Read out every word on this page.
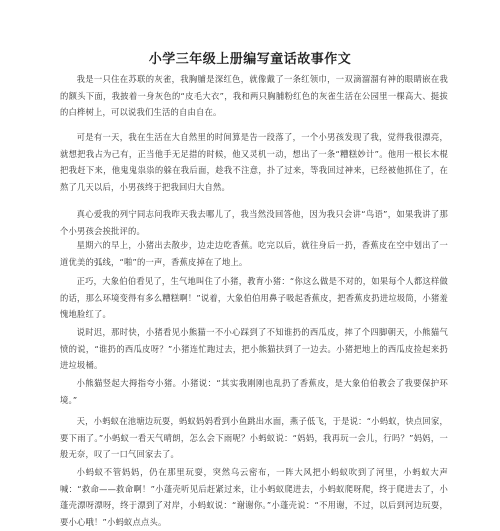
小学三年级上册编写童话故事作文

我是一只住在苏联的灰雀，我胸脯是深红色，就像戴了一条红领巾，一双滴溜溜有神的眼睛嵌在我的额头下面，我披着一身灰色的“皮毛大衣”，我和两只胸脯粉红色的灰雀生活在公园里一棵高大、挺拔的白桦树上，可以说我们生活的自由自在。

可是有一天，我在生活在大自然里的时间算是告一段落了，一个小男孩发现了我，觉得我很漂亮，就想把我占为己有，正当他手无足措的时候，他又灵机一动，想出了一条“糟糕妙计”。他用一根长木棍把我赶下来，他鬼鬼祟祟的躲在我后面，趁我不注意，扑了过来，等我回过神来，已经被他抓住了，在熬了几天以后，小男孩终于把我回归大自然。

真心爱我的列宁同志问我昨天我去哪儿了，我当然没回答他，因为我只会讲“鸟语”，如果我讲了那个小男孩会挨批评的。

星期六的早上，小猪出去散步，边走边吃香蕉。吃完以后，就往身后一扔，香蕉皮在空中划出了一道优美的弧线，“啪”的一声，香蕉皮掉在了地上。

正巧，大象伯伯看见了，生气地叫住了小猪，教育小猪：“你这么做是不对的，如果每个人都这样做的话，那么环境变得有多么糟糕啊！”说着，大象伯伯用鼻子吸起香蕉皮，把香蕉皮扔进垃圾筒，小猪羞愧地脸红了。

说时迟，那时快，小猪看见小熊猫一不小心踩到了不知谁扔的西瓜皮，摔了个四脚朝天，小熊猫气愤的说，“谁扔的西瓜皮呀？”小猪连忙跑过去，把小熊猫扶到了一边去。小猪把地上的西瓜皮捡起来扔进垃圾桶。

小熊猫竖起大拇指夸小猪。小猪说：“其实我刚刚也乱扔了香蕉皮，是大象伯伯教会了我要保护环境。”

天，小蚂蚁在池塘边玩耍，蚂蚁妈妈看到小鱼跳出水面，燕子低飞，于是说：“小蚂蚁，快点回家，要下雨了。”小蚂蚁一看天气晴朗，怎么会下雨呢？小蚂蚁说：“妈妈，我再玩一会儿，行吗？”妈妈，一般无奈，叹了一口气回家去了。

小蚂蚁不管妈妈，仍在那里玩耍，突然乌云密布，一阵大风把小蚂蚁吹到了河里，小蚂蚁大声喊：“救命——救命啊！”小蓬壳听见后赶紧过来，让小蚂蚁爬进去，小蚂蚁爬呀爬，终于爬进去了，小蓬壳漂呀漂呀，终于漂到了对岸，小蚂蚁说：“谢谢你。”小蓬壳说：“不用谢，不过，以后到河边玩耍，要小心哦！”小蚂蚁点点头。
